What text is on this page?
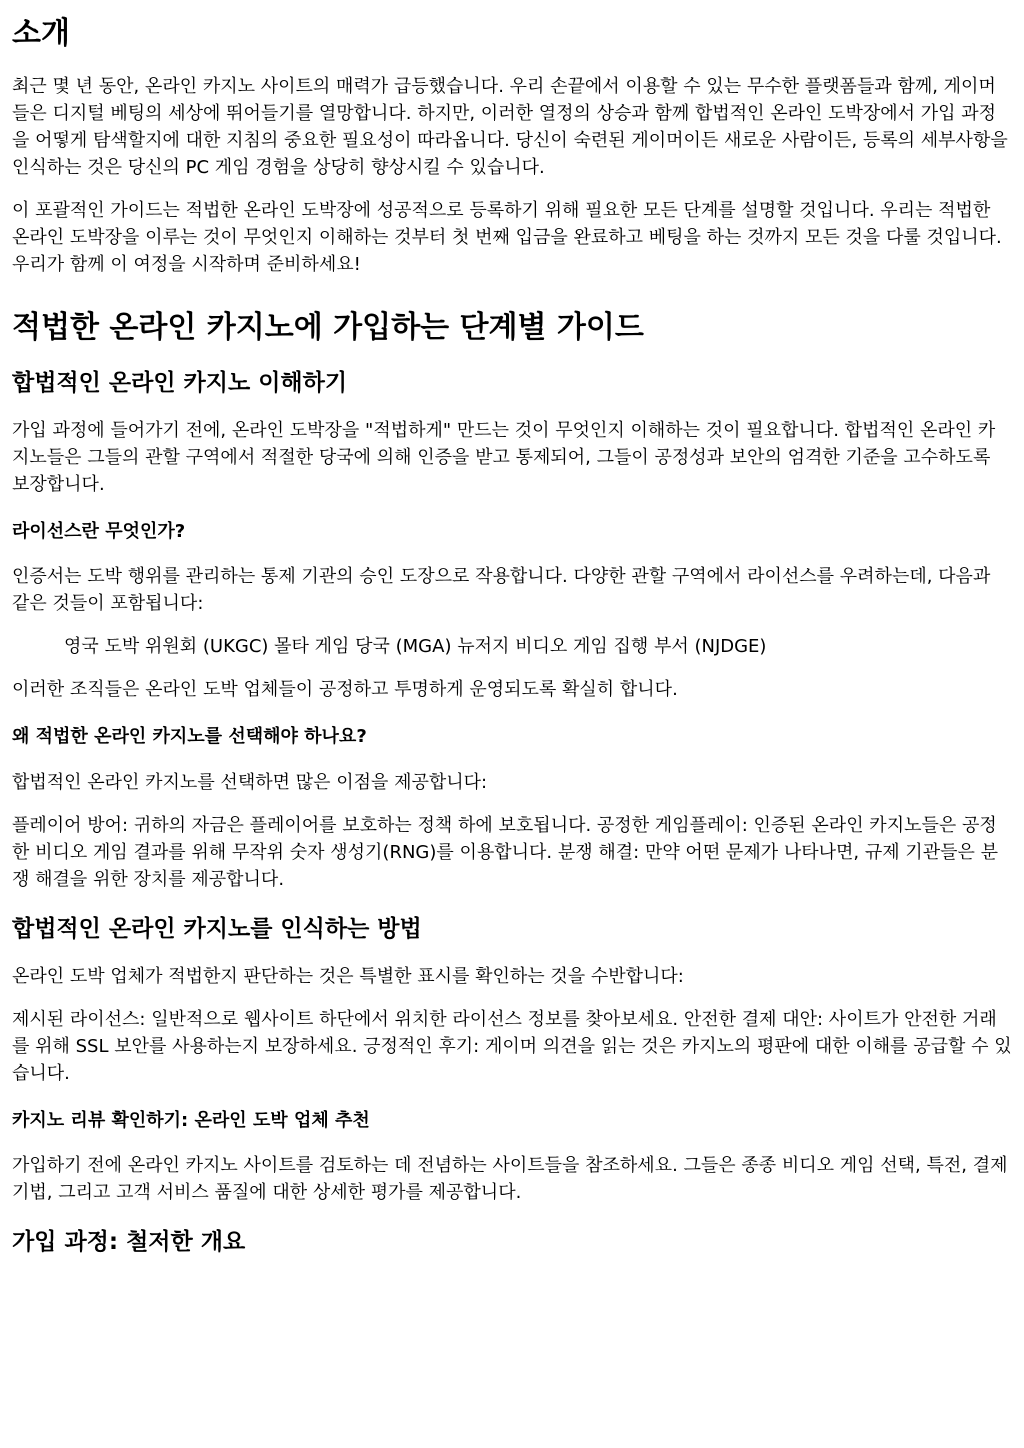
소개

최근 몇 년 동안, 온라인 카지노 사이트의 매력가 급등했습니다. 우리 손끝에서 이용할 수 있는 무수한 플랫폼들과 함께, 게이머들은 디지털 베팅의 세상에 뛰어들기를 열망합니다. 하지만, 이러한 열정의 상승과 함께 합법적인 온라인 도박장에서 가입 과정을 어떻게 탐색할지에 대한 지침의 중요한 필요성이 따라옵니다. 당신이 숙련된 게이머이든 새로운 사람이든, 등록의 세부사항을 인식하는 것은 당신의 PC 게임 경험을 상당히 향상시킬 수 있습니다.

이 포괄적인 가이드는 적법한 온라인 도박장에 성공적으로 등록하기 위해 필요한 모든 단계를 설명할 것입니다. 우리는 적법한 온라인 도박장을 이루는 것이 무엇인지 이해하는 것부터 첫 번째 입금을 완료하고 베팅을 하는 것까지 모든 것을 다룰 것입니다. 우리가 함께 이 여정을 시작하며 준비하세요!

적법한 온라인 카지노에 가입하는 단계별 가이드
합법적인 온라인 카지노 이해하기

가입 과정에 들어가기 전에, 온라인 도박장을 "적법하게" 만드는 것이 무엇인지 이해하는 것이 필요합니다. 합법적인 온라인 카지노들은 그들의 관할 구역에서 적절한 당국에 의해 인증을 받고 통제되어, 그들이 공정성과 보안의 엄격한 기준을 고수하도록 보장합니다.

라이선스란 무엇인가?

인증서는 도박 행위를 관리하는 통제 기관의 승인 도장으로 작용합니다. 다양한 관할 구역에서 라이선스를 우려하는데, 다음과 같은 것들이 포함됩니다:

영국 도박 위원회 (UKGC) 몰타 게임 당국 (MGA) 뉴저지 비디오 게임 집행 부서 (NJDGE)

이러한 조직들은 온라인 도박 업체들이 공정하고 투명하게 운영되도록 확실히 합니다.

왜 적법한 온라인 카지노를 선택해야 하나요?

합법적인 온라인 카지노를 선택하면 많은 이점을 제공합니다:

플레이어 방어: 귀하의 자금은 플레이어를 보호하는 정책 하에 보호됩니다. 공정한 게임플레이: 인증된 온라인 카지노들은 공정한 비디오 게임 결과를 위해 무작위 숫자 생성기(RNG)를 이용합니다. 분쟁 해결: 만약 어떤 문제가 나타나면, 규제 기관들은 분쟁 해결을 위한 장치를 제공합니다.

합법적인 온라인 카지노를 인식하는 방법

온라인 도박 업체가 적법한지 판단하는 것은 특별한 표시를 확인하는 것을 수반합니다:

제시된 라이선스: 일반적으로 웹사이트 하단에서 위치한 라이선스 정보를 찾아보세요. 안전한 결제 대안: 사이트가 안전한 거래를 위해 SSL 보안를 사용하는지 보장하세요. 긍정적인 후기: 게이머 의견을 읽는 것은 카지노의 평판에 대한 이해를 공급할 수 있습니다.

카지노 리뷰 확인하기: 온라인 도박 업체 추천

가입하기 전에 온라인 카지노 사이트를 검토하는 데 전념하는 사이트들을 참조하세요. 그들은 종종 비디오 게임 선택, 특전, 결제 기법, 그리고 고객 서비스 품질에 대한 상세한 평가를 제공합니다.

가입 과정: 철저한 개요
